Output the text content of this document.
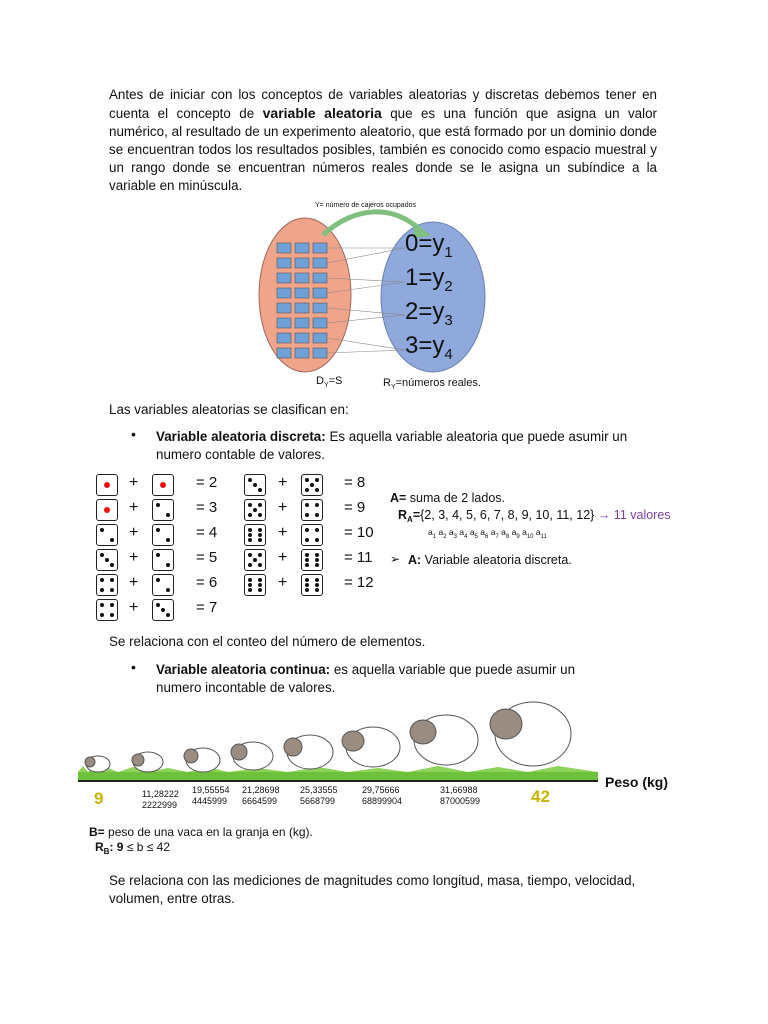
Antes de iniciar con los conceptos de variables aleatorias y discretas debemos tener en cuenta el concepto de variable aleatoria que es una función que asigna un valor numérico, al resultado de un experimento aleatorio, que está formado por un dominio donde se encuentran todos los resultados posibles, también es conocido como espacio muestral y un rango donde se encuentran números reales donde se le asigna un subíndice a la variable en minúscula.
Y= número de cajeros ocupados
$0=y_1$
$1=y_2$
$2=y_3$
$3=y_4$
$D_Y=S$	$R_Y=números$ reales.
Las variables aleatorias se clasifican en:
• Variable aleatoria discreta: Es aquella variable aleatoria que puede asumir un numero contable de valores.
+	= 2
+	= 3
+	= 4
+	= 5
+	= 6
+	= 7
+	= 8
+	= 9
+	= 10
+	= 11
+	= 12
A= suma de 2 lados.
$R_A=\{2$, 3, 4, 5, 6, 7, 8, 9, 10, 11, 12} → 11 valores
$a_1$ $a_2$ $a_3$ $a_4$ $a_5$ $a_6$ $a_7$ $a_8$ $a_9$ $a_{10}$ $a_{11}$
➢ A: Variable aleatoria discreta.
Se relaciona con el conteo del número de elementos.
• Variable aleatoria continua: es aquella variable que puede asumir un numero incontable de valores.
Peso (kg)
9	11,28222
2222999
19,55554
4445999
21,28698
6664599
25,33555
5668799
29,75666
68899904
31,66988
87000599	42
B= peso de una vaca en la granja en (kg).
$R_B$: 9 ≤ b ≤ 42
Se relaciona con las mediciones de magnitudes como longitud, masa, tiempo, velocidad, volumen, entre otras.
